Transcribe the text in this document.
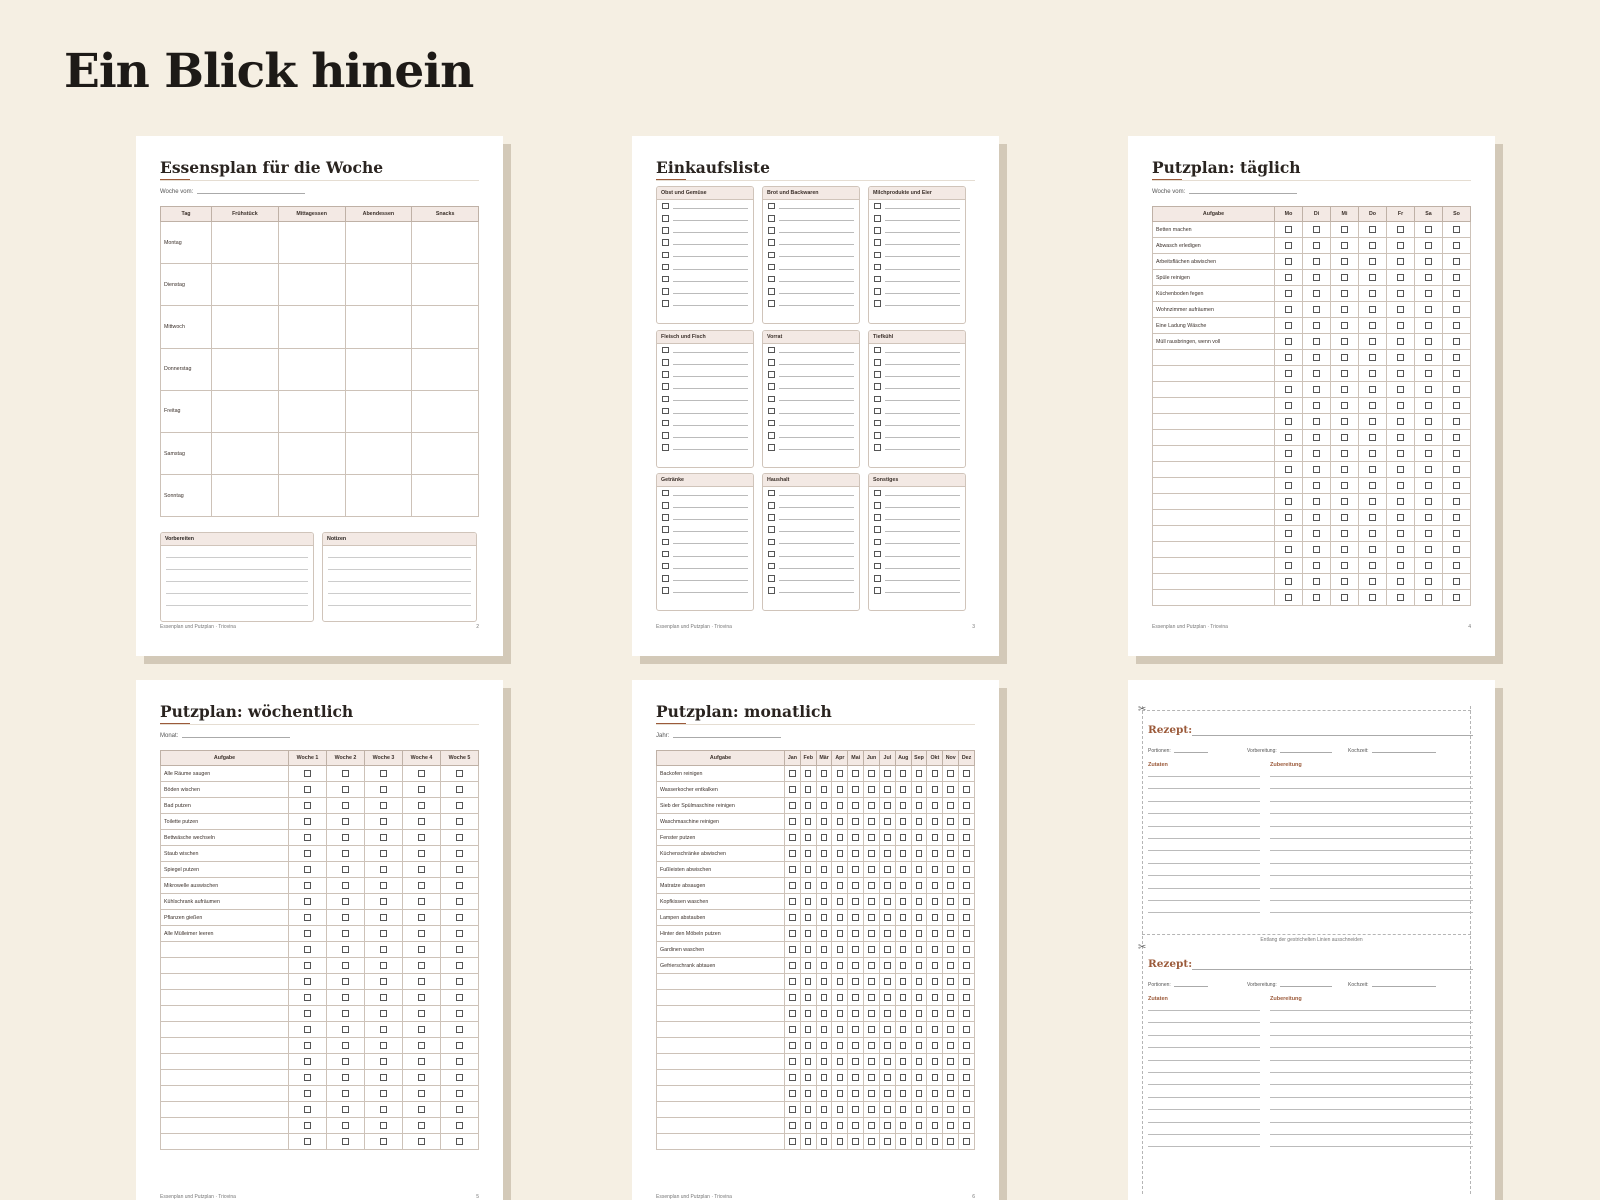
Ein Blick hinein
Essensplan für die Woche
Woche vom:
Tag	Frühstück	Mittagessen	Abendessen	Snacks
Montag				
Dienstag				
Mittwoch				
Donnerstag				
Freitag				
Samstag				
Sonntag				
Vorbereiten	Notizen
Essenplan und Putzplan · Triovina	2
Einkaufsliste
Essenplan und Putzplan · Triovina	3
Obst und Gemüse	Brot und Backwaren	Milchprodukte und Eier
Fleisch und Fisch	Vorrat	Tiefkühl
Getränke	Haushalt	Sonstiges
Putzplan: täglich
Woche vom:
Aufgabe	Mo	Di	Mi	Do	Fr	Sa	So
Betten machen							
Abwasch erledigen							
Arbeitsflächen abwischen							
Spüle reinigen							
Küchenboden fegen							
Wohnzimmer aufräumen							
Eine Ladung Wäsche							
Müll rausbringen, wenn voll							

Essenplan und Putzplan · Triovina	4
Putzplan: wöchentlich
Monat:
Aufgabe	Woche 1	Woche 2	Woche 3	Woche 4	Woche 5
Alle Räume saugen					
Böden wischen					
Bad putzen					
Toilette putzen					
Bettwäsche wechseln					
Staub wischen					
Spiegel putzen					
Mikrowelle auswischen					
Kühlschrank aufräumen					
Pflanzen gießen					
Alle Mülleimer leeren					

Essenplan und Putzplan · Triovina	5
Putzplan: monatlich
Jahr:
Aufgabe	Jan	Feb	Mär	Apr	Mai	Jun	Jul	Aug	Sep	Okt	Nov	Dez
Backofen reinigen												
Wasserkocher entkalken												
Sieb der Spülmaschine reinigen												
Waschmaschine reinigen												
Fenster putzen												
Küchenschränke abwischen												
Fußleisten abwischen												
Matratze absaugen												
Kopfkissen waschen												
Lampen abstauben												
Hinter den Möbeln putzen												
Gardinen waschen												
Gefrierschrank abtauen												

Essenplan und Putzplan · Triovina	6
✂
Rezept:
Portionen:	Vorbereitung:	Kochzeit:
Zutaten	Zubereitung
Entlang der gestrichelten Linien ausschneiden
✂
Rezept:
Portionen:	Vorbereitung:	Kochzeit:
Zutaten	Zubereitung
